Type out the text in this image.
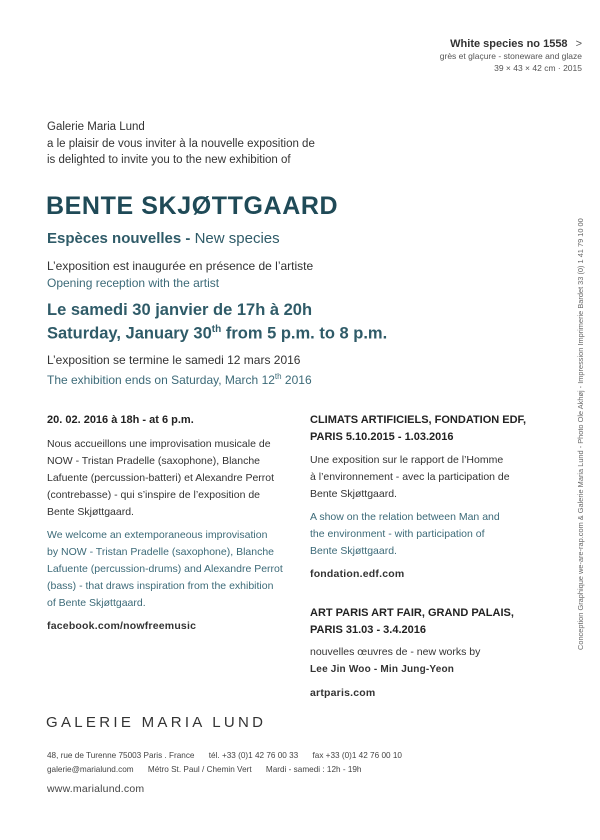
White species no 1558 >
grès et glaçure - stoneware and glaze
39 × 43 × 42 cm · 2015
Galerie Maria Lund
a le plaisir de vous inviter à la nouvelle exposition de
is delighted to invite you to the new exhibition of
BENTE SKJØTTGAARD
Espèces nouvelles - New species
L’exposition est inaugurée en présence de l’artiste
Opening reception with the artist
Le samedi 30 janvier de 17h à 20h
Saturday, January 30th from 5 p.m. to 8 p.m.
L’exposition se termine le samedi 12 mars 2016
The exhibition ends on Saturday, March 12th 2016
20. 02. 2016 à 18h - at 6 p.m.
Nous accueillons une improvisation musicale de
NOW - Tristan Pradelle (saxophone), Blanche
Lafuente (percussion-batteri) et Alexandre Perrot
(contrebasse) - qui s’inspire de l’exposition de
Bente Skjøttgaard.
We welcome an extemporaneous improvisation
by NOW - Tristan Pradelle (saxophone), Blanche
Lafuente (percussion-drums) and Alexandre Perrot
(bass) - that draws inspiration from the exhibition
of Bente Skjøttgaard.
facebook.com/nowfreemusic
CLIMATS ARTIFICIELS, FONDATION EDF,
PARIS 5.10.2015 - 1.03.2016
Une exposition sur le rapport de l’Homme
à l’environnement - avec la participation de
Bente Skjøttgaard.
A show on the relation between Man and
the environment - with participation of
Bente Skjøttgaard.
fondation.edf.com
ART PARIS ART FAIR, GRAND PALAIS,
PARIS 31.03 - 3.4.2016
nouvelles œuvres de - new works by
Lee Jin Woo - Min Jung-Yeon
artparis.com
GALERIE MARIA LUND
48, rue de Turenne 75003 Paris . France tél. +33 (0)1 42 76 00 33 fax +33 (0)1 42 76 00 10
galerie@marialund.com Métro St. Paul / Chemin Vert Mardi - samedi : 12h - 19h
www.marialund.com
Conception Graphique we-are-rap.com & Galerie Maria Lund - Photo Ole Akhøj - Impression Imprimerie Bardet 33 (0) 1 41 79 10 00
